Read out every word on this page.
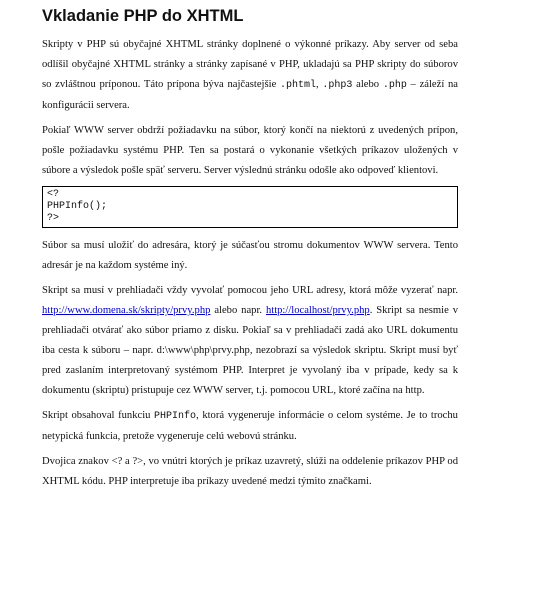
Vkladanie PHP do XHTML

Skripty v PHP sú obyčajné XHTML stránky doplnené o výkonné príkazy. Aby server od seba odlíšil obyčajné XHTML stránky a stránky zapísané v PHP, ukladajú sa PHP skripty do súborov so zvláštnou príponou. Táto prípona býva najčastejšie .phtml, .php3 alebo .php – záleží na konfigurácii servera.

Pokiaľ WWW server obdrží požiadavku na súbor, ktorý končí na niektorú z uvedených prípon, pošle požiadavku systému PHP. Ten sa postará o vykonanie všetkých príkazov uložených v súbore a výsledok pošle späť serveru. Server výslednú stránku odošle ako odpoveď klientovi.

<?
PHPInfo();
?>

Súbor sa musí uložiť do adresára, ktorý je súčasťou stromu dokumentov WWW servera. Tento adresár je na každom systéme iný.

Skript sa musí v prehliadači vždy vyvolať pomocou jeho URL adresy, ktorá môže vyzerať napr. http://www.domena.sk/skripty/prvy.php alebo napr. http://localhost/prvy.php. Skript sa nesmie v prehliadači otvárať ako súbor priamo z disku. Pokiaľ sa v prehliadači zadá ako URL dokumentu iba cesta k súboru – napr. d:\www\php\prvy.php, nezobrazí sa výsledok skriptu. Skript musí byť pred zaslaním interpretovaný systémom PHP. Interpret je vyvolaný iba v prípade, kedy sa k dokumentu (skriptu) pristupuje cez WWW server, t.j. pomocou URL, ktoré začína na http.

Skript obsahoval funkciu PHPInfo, ktorá vygeneruje informácie o celom systéme. Je to trochu netypická funkcia, pretože vygeneruje celú webovú stránku.

Dvojica znakov <? a ?>, vo vnútri ktorých je príkaz uzavretý, slúži na oddelenie príkazov PHP od XHTML kódu. PHP interpretuje iba príkazy uvedené medzi týmito značkami.
